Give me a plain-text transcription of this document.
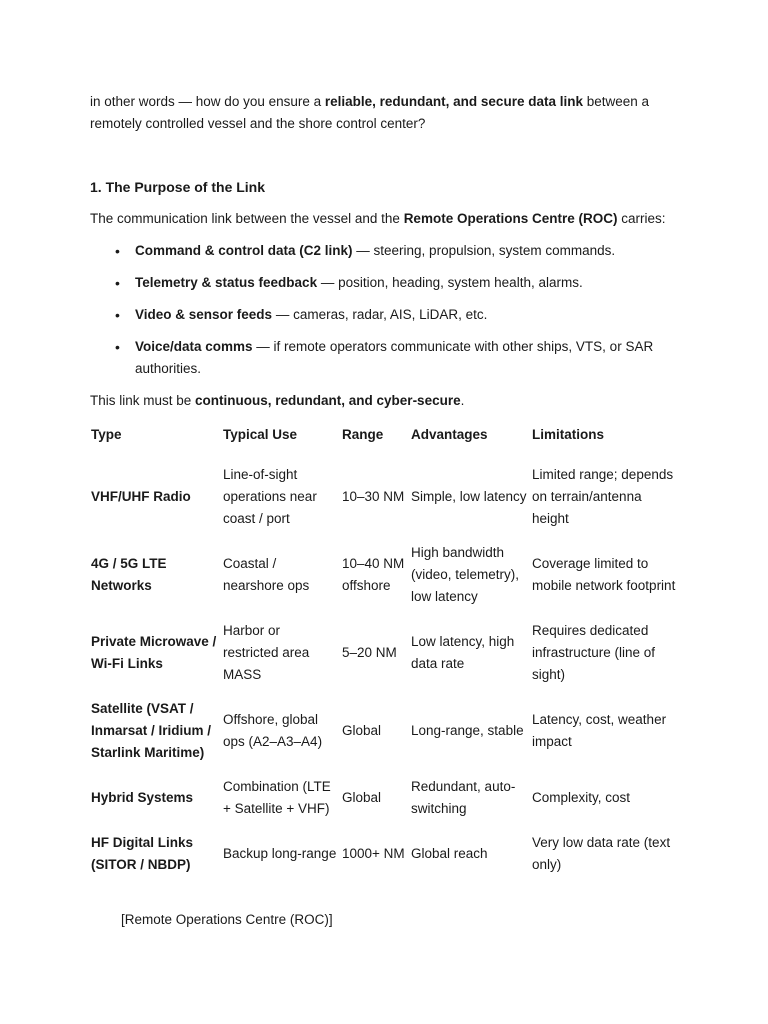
in other words — how do you ensure a reliable, redundant, and secure data link between a remotely controlled vessel and the shore control center?

1. The Purpose of the Link

The communication link between the vessel and the Remote Operations Centre (ROC) carries:

• Command & control data (C2 link) — steering, propulsion, system commands.
• Telemetry & status feedback — position, heading, system health, alarms.
• Video & sensor feeds — cameras, radar, AIS, LiDAR, etc.
• Voice/data comms — if remote operators communicate with other ships, VTS, or SAR authorities.

This link must be continuous, redundant, and cyber-secure.

Type	Typical Use	Range	Advantages	Limitations
VHF/UHF Radio	Line-of-sight operations near coast / port	10–30 NM	Simple, low latency	Limited range; depends on terrain/antenna height
4G / 5G LTE Networks	Coastal / nearshore ops	10–40 NM offshore	High bandwidth (video, telemetry), low latency	Coverage limited to mobile network footprint
Private Microwave / Wi-Fi Links	Harbor or restricted area MASS	5–20 NM	Low latency, high data rate	Requires dedicated infrastructure (line of sight)
Satellite (VSAT / Inmarsat / Iridium / Starlink Maritime)	Offshore, global ops (A2–A3–A4)	Global	Long-range, stable	Latency, cost, weather impact
Hybrid Systems	Combination (LTE + Satellite + VHF)	Global	Redundant, auto-switching	Complexity, cost
HF Digital Links (SITOR / NBDP)	Backup long-range	1000+ NM	Global reach	Very low data rate (text only)

[Remote Operations Centre (ROC)]
